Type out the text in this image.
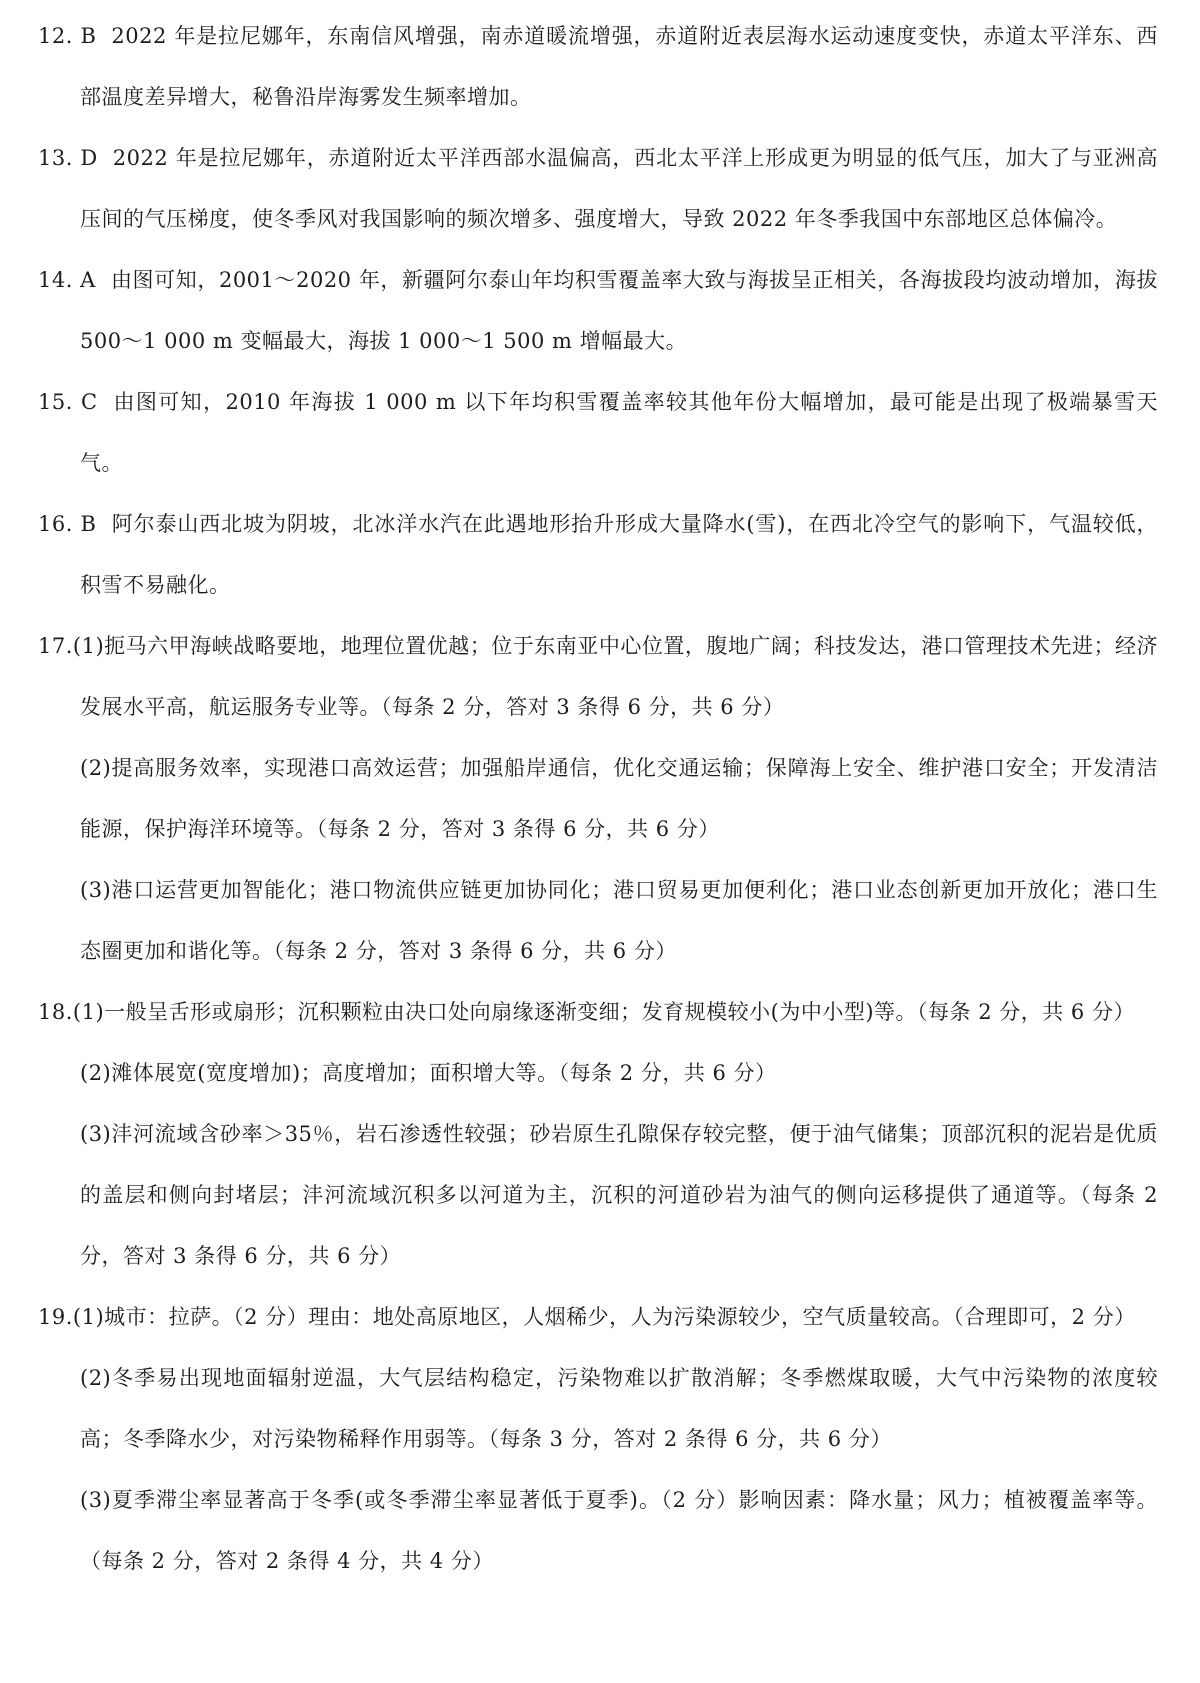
12. B 2022 年是拉尼娜年，东南信风增强，南赤道暖流增强，赤道附近表层海水运动速度变快，赤道太平洋东、西部温度差异增大，秘鲁沿岸海雾发生频率增加。

13. D 2022 年是拉尼娜年，赤道附近太平洋西部水温偏高，西北太平洋上形成更为明显的低气压，加大了与亚洲高压间的气压梯度，使冬季风对我国影响的频次增多、强度增大，导致 2022 年冬季我国中东部地区总体偏冷。

14. A 由图可知，2001～2020 年，新疆阿尔泰山年均积雪覆盖率大致与海拔呈正相关，各海拔段均波动增加，海拔 500～1 000 m 变幅最大，海拔 1 000～1 500 m 增幅最大。

15. C 由图可知，2010 年海拔 1 000 m 以下年均积雪覆盖率较其他年份大幅增加，最可能是出现了极端暴雪天气。

16. B 阿尔泰山西北坡为阴坡，北冰洋水汽在此遇地形抬升形成大量降水(雪)，在西北冷空气的影响下，气温较低，积雪不易融化。

17.(1)扼马六甲海峡战略要地，地理位置优越；位于东南亚中心位置，腹地广阔；科技发达，港口管理技术先进；经济发展水平高，航运服务专业等。（每条 2 分，答对 3 条得 6 分，共 6 分）

(2)提高服务效率，实现港口高效运营；加强船岸通信，优化交通运输；保障海上安全、维护港口安全；开发清洁能源，保护海洋环境等。（每条 2 分，答对 3 条得 6 分，共 6 分）

(3)港口运营更加智能化；港口物流供应链更加协同化；港口贸易更加便利化；港口业态创新更加开放化；港口生态圈更加和谐化等。（每条 2 分，答对 3 条得 6 分，共 6 分）

18.(1)一般呈舌形或扇形；沉积颗粒由决口处向扇缘逐渐变细；发育规模较小(为中小型)等。（每条 2 分，共 6 分）

(2)滩体展宽(宽度增加)；高度增加；面积增大等。（每条 2 分，共 6 分）

(3)沣河流域含砂率＞35％，岩石渗透性较强；砂岩原生孔隙保存较完整，便于油气储集；顶部沉积的泥岩是优质的盖层和侧向封堵层；沣河流域沉积多以河道为主，沉积的河道砂岩为油气的侧向运移提供了通道等。（每条 2 分，答对 3 条得 6 分，共 6 分）

19.(1)城市：拉萨。（2 分）理由：地处高原地区，人烟稀少，人为污染源较少，空气质量较高。（合理即可，2 分）

(2)冬季易出现地面辐射逆温，大气层结构稳定，污染物难以扩散消解；冬季燃煤取暖，大气中污染物的浓度较高；冬季降水少，对污染物稀释作用弱等。（每条 3 分，答对 2 条得 6 分，共 6 分）

(3)夏季滞尘率显著高于冬季(或冬季滞尘率显著低于夏季)。（2 分）影响因素：降水量；风力；植被覆盖率等。（每条 2 分，答对 2 条得 4 分，共 4 分）
